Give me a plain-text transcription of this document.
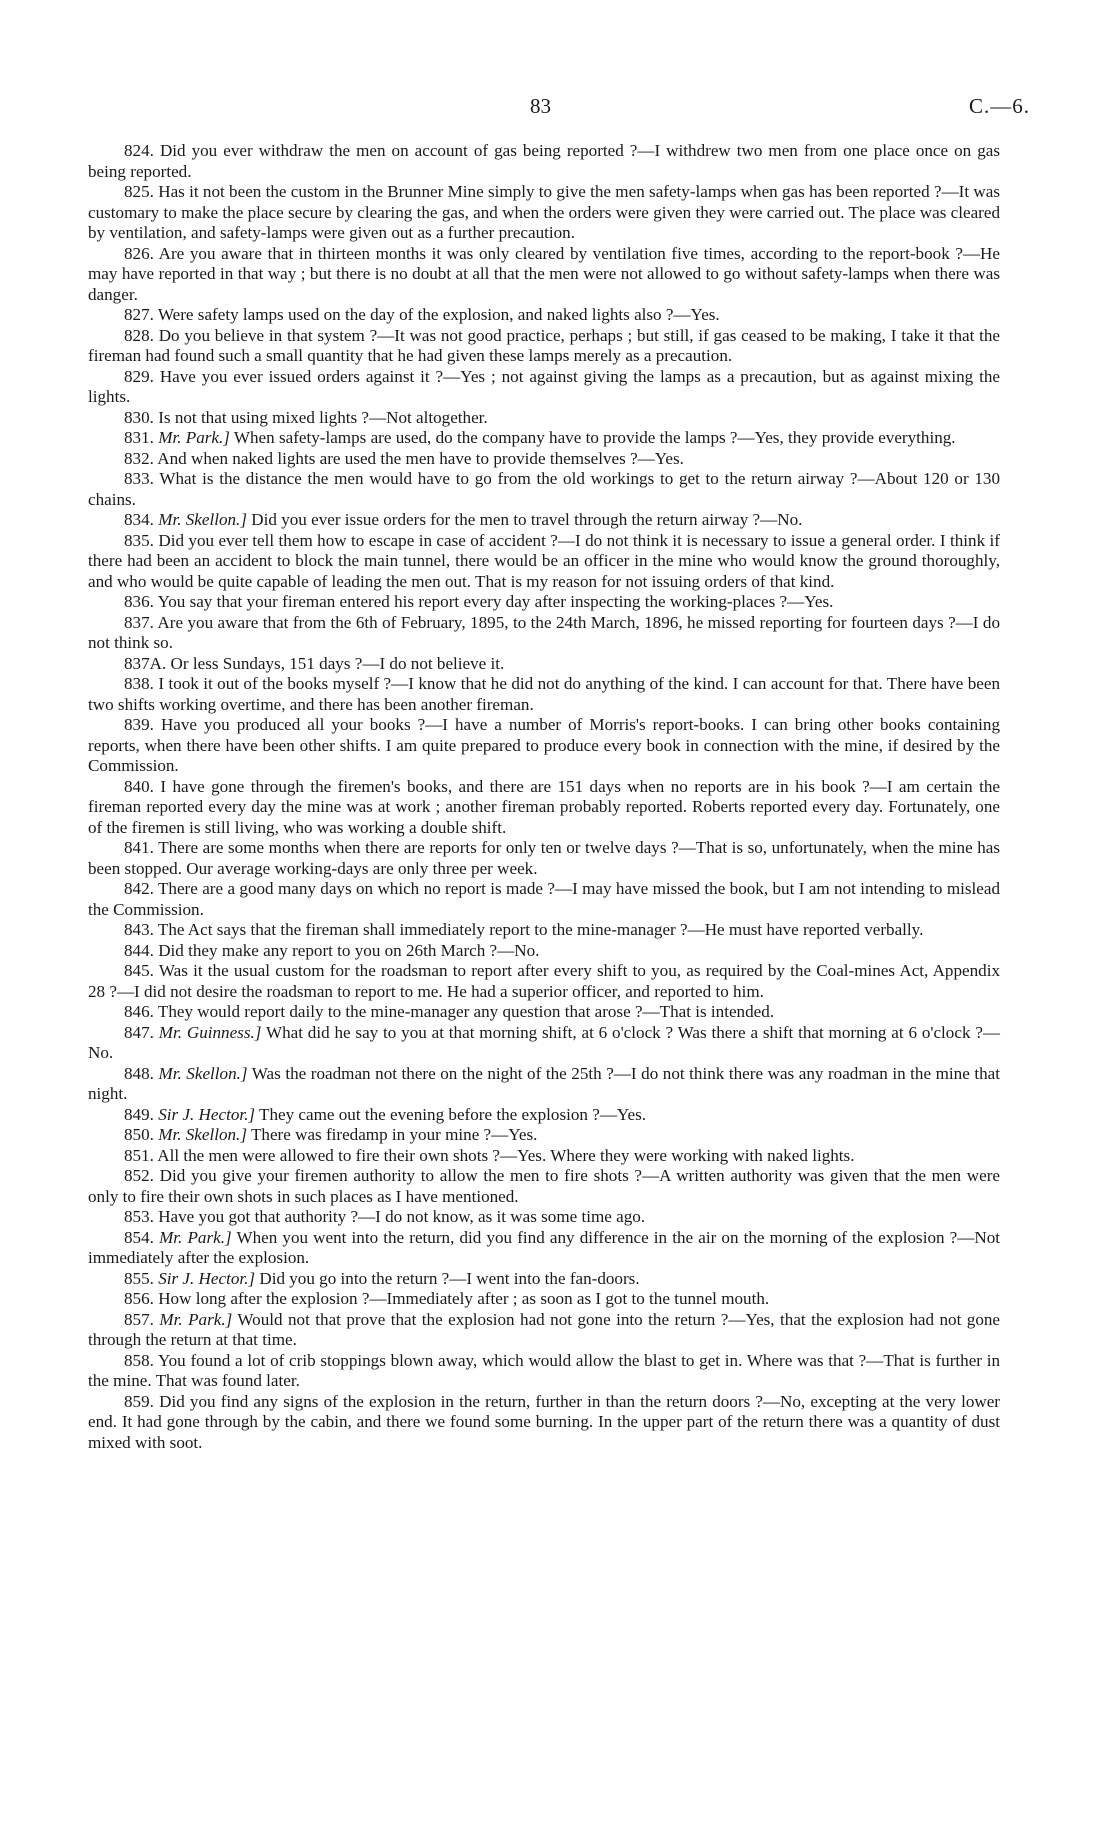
83	C.—6.

824. Did you ever withdraw the men on account of gas being reported ?—I withdrew two men from one place once on gas being reported.

825. Has it not been the custom in the Brunner Mine simply to give the men safety-lamps when gas has been reported ?—It was customary to make the place secure by clearing the gas, and when the orders were given they were carried out. The place was cleared by ventilation, and safety-lamps were given out as a further precaution.

826. Are you aware that in thirteen months it was only cleared by ventilation five times, according to the report-book ?—He may have reported in that way ; but there is no doubt at all that the men were not allowed to go without safety-lamps when there was danger.

827. Were safety lamps used on the day of the explosion, and naked lights also ?—Yes.

828. Do you believe in that system ?—It was not good practice, perhaps ; but still, if gas ceased to be making, I take it that the fireman had found such a small quantity that he had given these lamps merely as a precaution.

829. Have you ever issued orders against it ?—Yes ; not against giving the lamps as a precaution, but as against mixing the lights.

830. Is not that using mixed lights ?—Not altogether.

831. Mr. Park.] When safety-lamps are used, do the company have to provide the lamps ?—Yes, they provide everything.

832. And when naked lights are used the men have to provide themselves ?—Yes.

833. What is the distance the men would have to go from the old workings to get to the return airway ?—About 120 or 130 chains.

834. Mr. Skellon.] Did you ever issue orders for the men to travel through the return airway ?—No.

835. Did you ever tell them how to escape in case of accident ?—I do not think it is necessary to issue a general order. I think if there had been an accident to block the main tunnel, there would be an officer in the mine who would know the ground thoroughly, and who would be quite capable of leading the men out. That is my reason for not issuing orders of that kind.

836. You say that your fireman entered his report every day after inspecting the working-places ?—Yes.

837. Are you aware that from the 6th of February, 1895, to the 24th March, 1896, he missed reporting for fourteen days ?—I do not think so.

837A. Or less Sundays, 151 days ?—I do not believe it.

838. I took it out of the books myself ?—I know that he did not do anything of the kind. I can account for that. There have been two shifts working overtime, and there has been another fireman.

839. Have you produced all your books ?—I have a number of Morris's report-books. I can bring other books containing reports, when there have been other shifts. I am quite prepared to produce every book in connection with the mine, if desired by the Commission.

840. I have gone through the firemen's books, and there are 151 days when no reports are in his book ?—I am certain the fireman reported every day the mine was at work ; another fireman probably reported. Roberts reported every day. Fortunately, one of the firemen is still living, who was working a double shift.

841. There are some months when there are reports for only ten or twelve days ?—That is so, unfortunately, when the mine has been stopped. Our average working-days are only three per week.

842. There are a good many days on which no report is made ?—I may have missed the book, but I am not intending to mislead the Commission.

843. The Act says that the fireman shall immediately report to the mine-manager ?—He must have reported verbally.

844. Did they make any report to you on 26th March ?—No.

845. Was it the usual custom for the roadsman to report after every shift to you, as required by the Coal-mines Act, Appendix 28 ?—I did not desire the roadsman to report to me. He had a superior officer, and reported to him.

846. They would report daily to the mine-manager any question that arose ?—That is intended.

847. Mr. Guinness.] What did he say to you at that morning shift, at 6 o'clock ? Was there a shift that morning at 6 o'clock ?—No.

848. Mr. Skellon.] Was the roadman not there on the night of the 25th ?—I do not think there was any roadman in the mine that night.

849. Sir J. Hector.] They came out the evening before the explosion ?—Yes.

850. Mr. Skellon.] There was firedamp in your mine ?—Yes.

851. All the men were allowed to fire their own shots ?—Yes. Where they were working with naked lights.

852. Did you give your firemen authority to allow the men to fire shots ?—A written authority was given that the men were only to fire their own shots in such places as I have mentioned.

853. Have you got that authority ?—I do not know, as it was some time ago.

854. Mr. Park.] When you went into the return, did you find any difference in the air on the morning of the explosion ?—Not immediately after the explosion.

855. Sir J. Hector.] Did you go into the return ?—I went into the fan-doors.

856. How long after the explosion ?—Immediately after ; as soon as I got to the tunnel mouth.

857. Mr. Park.] Would not that prove that the explosion had not gone into the return ?—Yes, that the explosion had not gone through the return at that time.

858. You found a lot of crib stoppings blown away, which would allow the blast to get in. Where was that ?—That is further in the mine. That was found later.

859. Did you find any signs of the explosion in the return, further in than the return doors ?—No, excepting at the very lower end. It had gone through by the cabin, and there we found some burning. In the upper part of the return there was a quantity of dust mixed with soot.
